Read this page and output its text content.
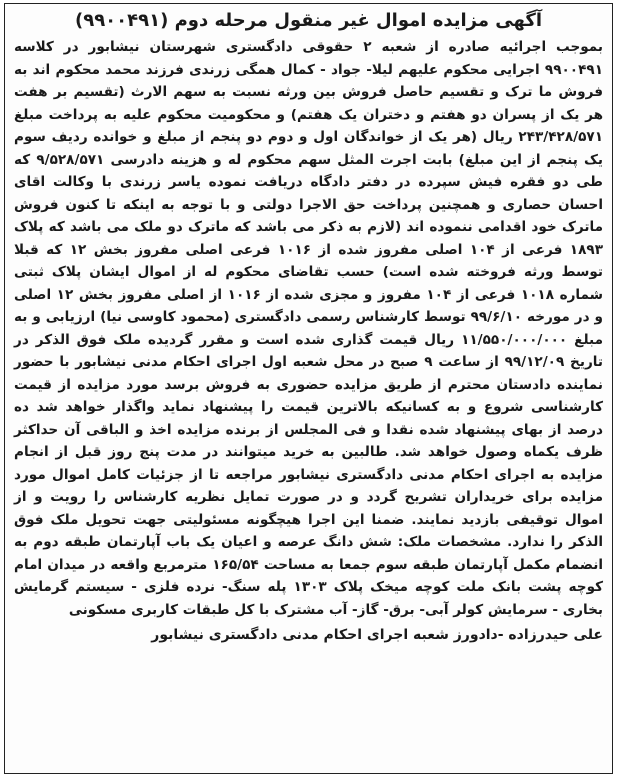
آگهی مزایده اموال غیر منقول مرحله دوم (۹۹۰۰۴۹۱)

بموجب اجرائیه صادره از شعبه ۲ حقوقی دادگستری شهرستان نیشابور در کلاسه ۹۹۰۰۴۹۱ اجرایی محکوم علیهم لیلا- جواد - کمال همگی زرندی فرزند محمد محکوم اند به فروش ما ترک و تقسیم حاصل فروش بین ورثه نسبت به سهم الارث (تقسیم بر هفت هر یک از پسران دو هفتم و دختران یک هفتم) و محکومیت محکوم علیه به پرداخت مبلغ ۲۴۳/۴۲۸/۵۷۱ ریال (هر یک از خواندگان اول و دوم دو پنجم از مبلغ و خوانده ردیف سوم یک پنجم از این مبلغ) بابت اجرت المثل سهم محکوم له و هزینه دادرسی ۹/۵۲۸/۵۷۱ که طی دو فقره فیش سپرده در دفتر دادگاه دریافت نموده یاسر زرندی با وکالت اقای احسان حصاری و همچنین پرداخت حق الاجرا دولتی و با توجه به اینکه تا کنون فروش ماترک خود اقدامی ننموده اند (لازم به ذکر می باشد که ماترک دو ملک می باشد که پلاک ۱۸۹۳ فرعی از ۱۰۴ اصلی مفروز شده از ۱۰۱۶ فرعی اصلی مفروز بخش ۱۲ که قبلا توسط ورثه فروخته شده است) حسب تقاضای محکوم له از اموال ایشان پلاک ثبتی شماره ۱۰۱۸ فرعی از ۱۰۴ مفروز و مجزی شده از ۱۰۱۶ از اصلی مفروز بخش ۱۲ اصلی و در مورخه ۹۹/۶/۱۰ توسط کارشناس رسمی دادگستری (محمود کاوسی نیا) ارزیابی و به مبلغ ۱۱/۵۵۰/۰۰۰/۰۰۰ ریال قیمت گذاری شده است و مقرر گردیده ملک فوق الذکر در تاریخ ۹۹/۱۲/۰۹ از ساعت ۹ صبح در محل شعبه اول اجرای احکام مدنی نیشابور با حضور نماینده دادستان محترم از طریق مزایده حضوری به فروش برسد مورد مزایده از قیمت کارشناسی شروع و به کسانیکه بالاترین قیمت را پیشنهاد نماید واگذار خواهد شد ده درصد از بهای پیشنهاد شده نقدا و فی المجلس از برنده مزایده اخذ و الباقی آن حداکثر ظرف یکماه وصول خواهد شد. طالبین به خرید میتوانند در مدت پنج روز قبل از انجام مزایده به اجرای احکام مدنی دادگستری نیشابور مراجعه تا از جزئیات کامل اموال مورد مزایده برای خریداران تشریح گردد و در صورت تمایل نظریه کارشناس را رویت و از اموال توقیفی بازدید نمایند. ضمنا این اجرا هیچگونه مسئولیتی جهت تحویل ملک فوق الذکر را ندارد. مشخصات ملک: شش دانگ عرصه و اعیان یک باب آپارتمان طبقه دوم به انضمام مکمل آپارتمان طبقه سوم جمعا به مساحت ۱۶۵/۵۴ مترمربع واقعه در میدان امام کوچه پشت بانک ملت کوچه میخک پلاک ۱۳۰۳ پله سنگ- نرده فلزی - سیستم گرمایش بخاری - سرمایش کولر آبی- برق- گاز- آب مشترک با کل طبقات کاربری مسکونی

علی حیدرزاده -دادورز شعبه اجرای احکام مدنی دادگستری نیشابور
